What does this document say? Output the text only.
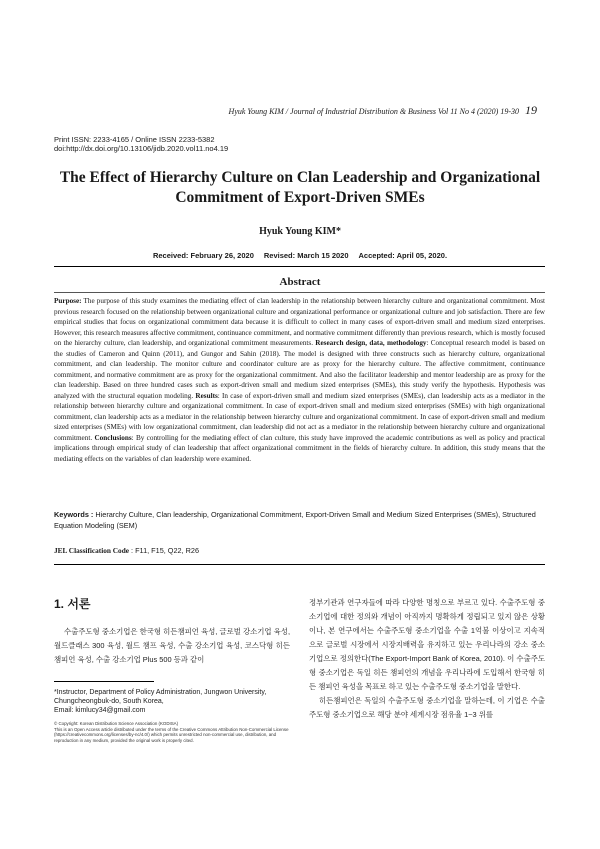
Hyuk Young KIM / Journal of Industrial Distribution & Business Vol 11 No 4 (2020) 19-30 19
Print ISSN: 2233-4165 / Online ISSN 2233-5382
doi:http://dx.doi.org/10.13106/jidb.2020.vol11.no4.19
The Effect of Hierarchy Culture on Clan Leadership and Organizational Commitment of Export-Driven SMEs
Hyuk Young KIM*
Received: February 26, 2020 Revised: March 15 2020 Accepted: April 05, 2020.
Abstract
Purpose: The purpose of this study examines the mediating effect of clan leadership in the relationship between hierarchy culture and organizational commitment. Most previous research focused on the relationship between organizational culture and organizational performance or organizational culture and job satisfaction. There are few empirical studies that focus on organizational commitment data because it is difficult to collect in many cases of export-driven small and medium sized enterprises. However, this research measures affective commitment, continuance commitment, and normative commitment differently than previous research, which is mostly focused on the hierarchy culture, clan leadership, and organizational commitment measurements. Research design, data, methodology: Conceptual research model is based on the studies of Cameron and Quinn (2011), and Gungor and Sahin (2018). The model is designed with three constructs such as hierarchy culture, organizational commitment, and clan leadership. The monitor culture and coordinator culture are as proxy for the hierarchy culture. The affective commitment, continuance commitment, and normative commitment are as proxy for the organizational commitment. And also the facilitator leadership and mentor leadership are as proxy for the clan leadership. Based on three hundred cases such as export-driven small and medium sized enterprises (SMEs), this study verify the hypothesis. Hypothesis was analyzed with the structural equation modeling. Results: In case of export-driven small and medium sized enterprises (SMEs), clan leadership acts as a mediator in the relationship between hierarchy culture and organizational commitment. In case of export-driven small and medium sized enterprises (SMEs) with high organizational commitment, clan leadership acts as a mediator in the relationship between hierarchy culture and organizational commitment. In case of export-driven small and medium sized enterprises (SMEs) with low organizational commitment, clan leadership did not act as a mediator in the relationship between hierarchy culture and organizational commitment. Conclusions: By controlling for the mediating effect of clan culture, this study have improved the academic contributions as well as policy and practical implications through empirical study of clan leadership that affect organizational commitment in the fields of hierarchy culture. In addition, this study means that the mediating effects on the variables of clan leadership were examined.
Keywords : Hierarchy Culture, Clan leadership, Organizational Commitment, Export-Driven Small and Medium Sized Enterprises (SMEs), Structured Equation Modeling (SEM)
JEL Classification Code : F11, F15, Q22, R26
1. 서론
수출주도형 중소기업은 한국형 히든챔피언 육성, 글로벌 강소기업 육성, 월드클래스 300 육성, 월드 챔프 육성, 수출 강소기업 육성, 코스닥형 히든 챔피언 육성, 수출 강소기업 Plus 500 등과 같이
*Instructor, Department of Policy Administration, Jungwon University, Chungcheongbuk-do, South Korea,
Email: kimlucy34@gmail.com
© Copyright: Korean Distribution Science Association (KODISA)
This is an Open Access article distributed under the terms of the Creative Commons Attribution Non-Commercial License (https://creativecommons.org/licenses/by-nc/4.0/) which permits unrestricted non-commercial use, distribution, and reproduction in any medium, provided the original work is properly cited.

정부기관과 연구자들에 따라 다양한 명칭으로 부르고 있다. 수출주도형 중소기업에 대한 정의와 개념이 아직까지 명확하게 정립되고 있지 않은 상황이나, 본 연구에서는 수출주도형 중소기업을 수출 1억불 이상이고 지속적으로 글로벌 시장에서 시장지배력을 유지하고 있는 우리나라의 강소 중소기업으로 정의한다(The Export-Import Bank of Korea, 2010). 이 수출주도형 중소기업은 독일 히든 챔피언의 개념을 우리나라에 도입해서 한국형 히든 챔피언 육성을 목표로 하고 있는 수출주도형 중소기업을 말한다.

히든챔피언은 독일의 수출주도형 중소기업을 말하는데, 이 기업은 수출주도형 중소기업으로 해당 분야 세계시장 점유율 1~3 위를
